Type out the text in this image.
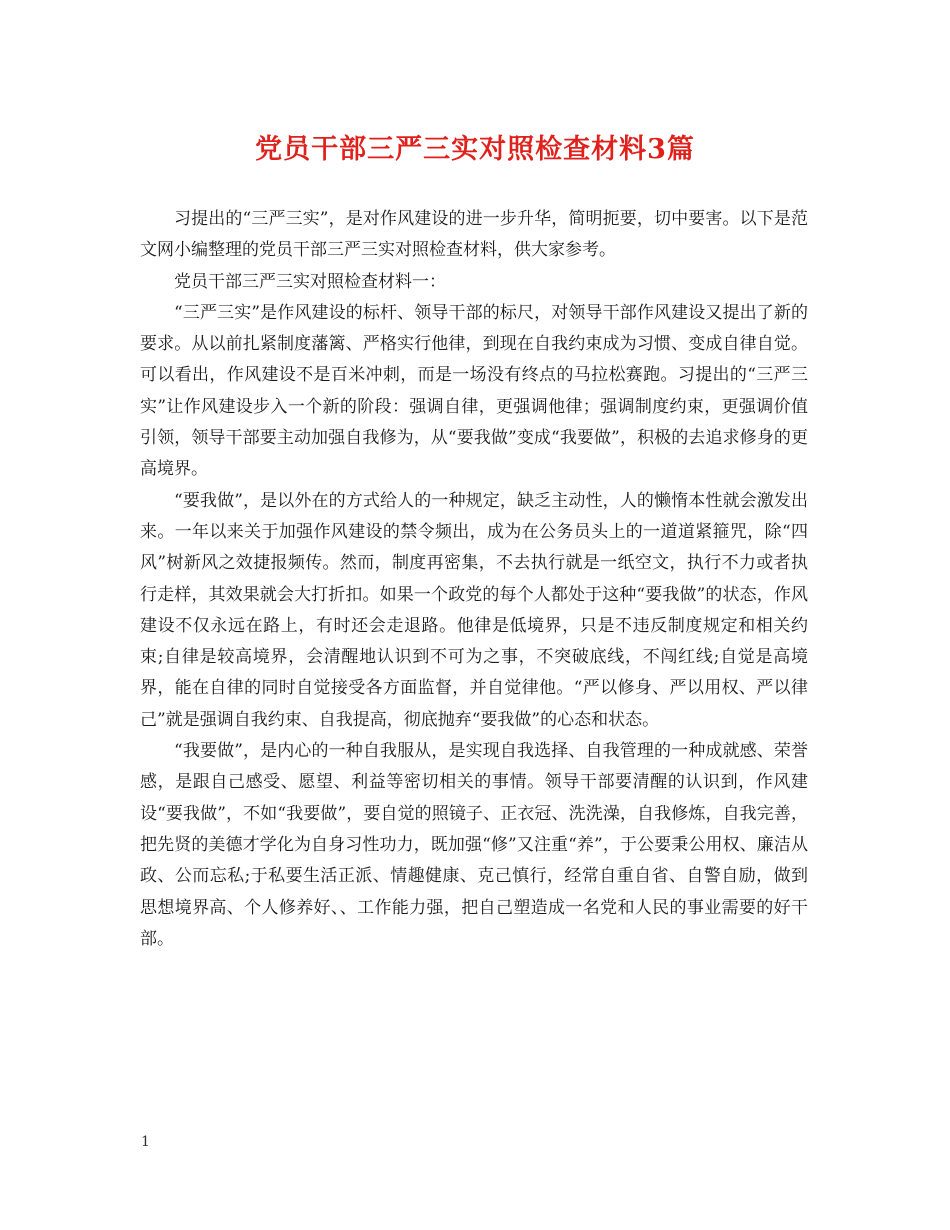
党员干部三严三实对照检查材料3篇

习提出的“三严三实”，是对作风建设的进一步升华，简明扼要，切中要害。以下是范文网小编整理的党员干部三严三实对照检查材料，供大家参考。

党员干部三严三实对照检查材料一：

“三严三实”是作风建设的标杆、领导干部的标尺，对领导干部作风建设又提出了新的要求。从以前扎紧制度藩篱、严格实行他律，到现在自我约束成为习惯、变成自律自觉。可以看出，作风建设不是百米冲刺，而是一场没有终点的马拉松赛跑。习提出的“三严三实”让作风建设步入一个新的阶段：强调自律，更强调他律；强调制度约束，更强调价值引领，领导干部要主动加强自我修为，从“要我做”变成“我要做”，积极的去追求修身的更高境界。

“要我做”，是以外在的方式给人的一种规定，缺乏主动性，人的懒惰本性就会激发出来。一年以来关于加强作风建设的禁令频出，成为在公务员头上的一道道紧箍咒，除“四风”树新风之效捷报频传。然而，制度再密集，不去执行就是一纸空文，执行不力或者执行走样，其效果就会大打折扣。如果一个政党的每个人都处于这种“要我做”的状态，作风建设不仅永远在路上，有时还会走退路。他律是低境界，只是不违反制度规定和相关约束;自律是较高境界，会清醒地认识到不可为之事，不突破底线，不闯红线;自觉是高境界，能在自律的同时自觉接受各方面监督，并自觉律他。“严以修身、严以用权、严以律己”就是强调自我约束、自我提高，彻底抛弃“要我做”的心态和状态。

“我要做”，是内心的一种自我服从，是实现自我选择、自我管理的一种成就感、荣誉感，是跟自己感受、愿望、利益等密切相关的事情。领导干部要清醒的认识到，作风建设“要我做”，不如“我要做”，要自觉的照镜子、正衣冠、洗洗澡，自我修炼，自我完善，把先贤的美德才学化为自身习性功力，既加强“修”又注重“养”，于公要秉公用权、廉洁从政、公而忘私;于私要生活正派、情趣健康、克己慎行，经常自重自省、自警自励，做到思想境界高、个人修养好、、工作能力强，把自己塑造成一名党和人民的事业需要的好干部。

1
